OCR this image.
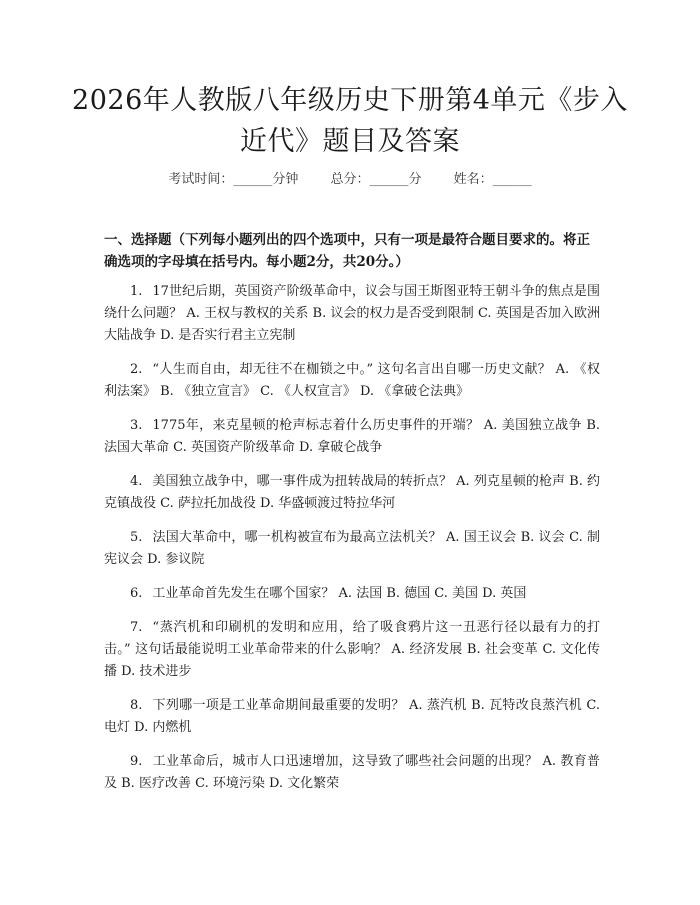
2026年人教版八年级历史下册第4单元《步入近代》题目及答案
考试时间：______分钟 总分：______分 姓名：______
一、选择题（下列每小题列出的四个选项中，只有一项是最符合题目要求的。将正确选项的字母填在括号内。每小题2分，共20分。）

1. 17世纪后期，英国资产阶级革命中，议会与国王斯图亚特王朝斗争的焦点是围绕什么问题？ A. 王权与教权的关系 B. 议会的权力是否受到限制 C. 英国是否加入欧洲大陆战争 D. 是否实行君主立宪制

2. “人生而自由，却无往不在枷锁之中。” 这句名言出自哪一历史文献？ A. 《权利法案》 B. 《独立宣言》 C. 《人权宣言》 D. 《拿破仑法典》

3. 1775年，来克星顿的枪声标志着什么历史事件的开端？ A. 美国独立战争 B. 法国大革命 C. 英国资产阶级革命 D. 拿破仑战争

4. 美国独立战争中，哪一事件成为扭转战局的转折点？ A. 列克星顿的枪声 B. 约克镇战役 C. 萨拉托加战役 D. 华盛顿渡过特拉华河

5. 法国大革命中，哪一机构被宣布为最高立法机关？ A. 国王议会 B. 议会 C. 制宪议会 D. 参议院

6. 工业革命首先发生在哪个国家？ A. 法国 B. 德国 C. 美国 D. 英国

7. “蒸汽机和印刷机的发明和应用，给了吸食鸦片这一丑恶行径以最有力的打击。” 这句话最能说明工业革命带来的什么影响？ A. 经济发展 B. 社会变革 C. 文化传播 D. 技术进步

8. 下列哪一项是工业革命期间最重要的发明？ A. 蒸汽机 B. 瓦特改良蒸汽机 C. 电灯 D. 内燃机

9. 工业革命后，城市人口迅速增加，这导致了哪些社会问题的出现？ A. 教育普及 B. 医疗改善 C. 环境污染 D. 文化繁荣
